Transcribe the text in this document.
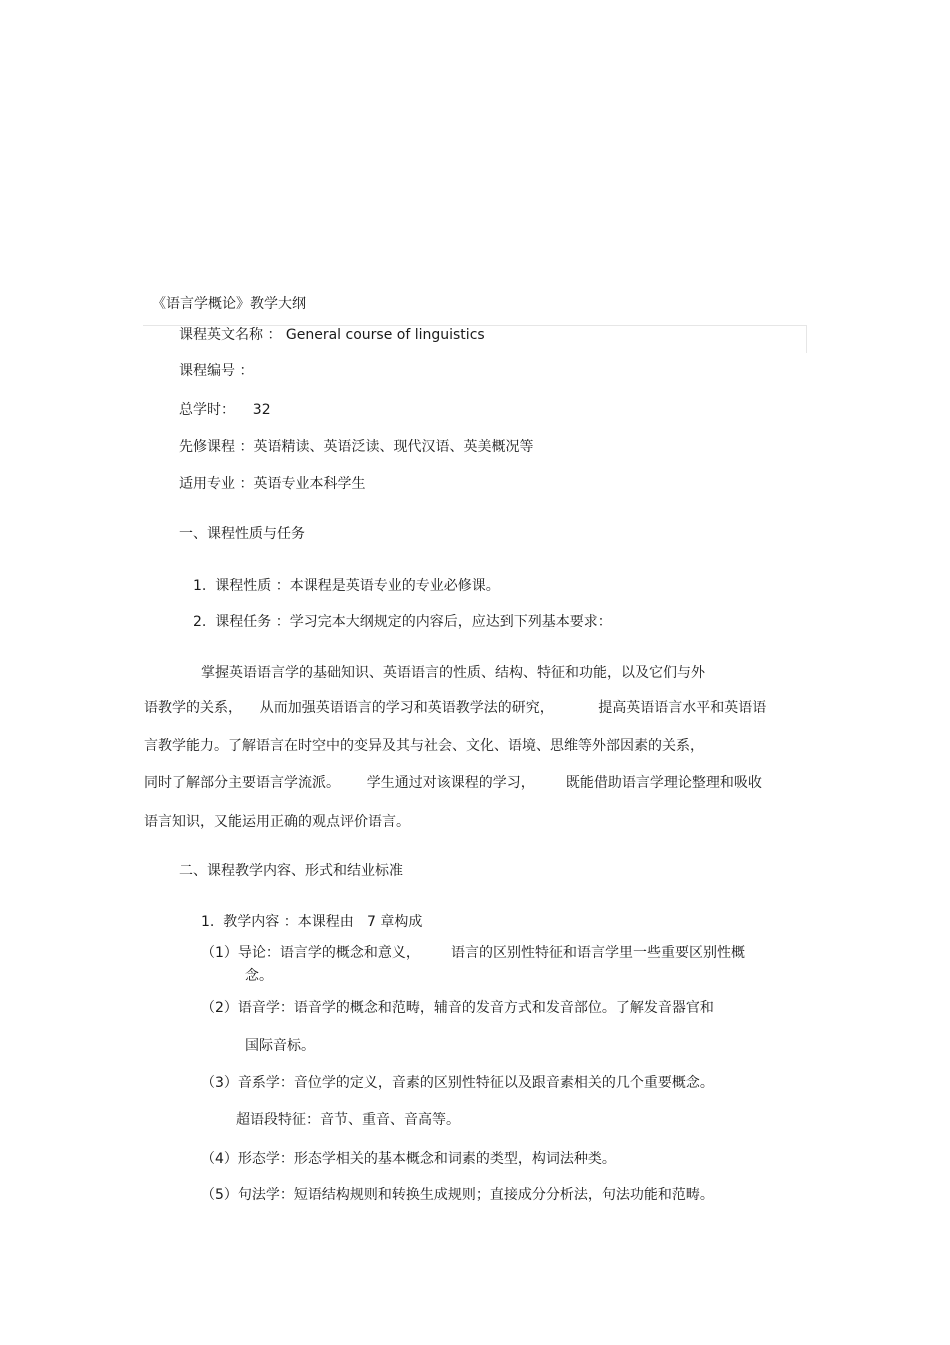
《语言学概论》教学大纲
课程英文名称 ： General course of linguistics
课程编号 ：
总学时：    32
先修课程 ：英语精读、英语泛读、现代汉语、英美概况等
适用专业 ：英语专业本科学生
一、课程性质与任务
1.  课程性质 ：本课程是英语专业的专业必修课。
2.  课程任务 ：学习完本大纲规定的内容后，应达到下列基本要求：
掌握英语语言学的基础知识、英语语言的性质、结构、特征和功能，以及它们与外
语教学的关系，    从而加强英语语言的学习和英语教学法的研究，          提高英语语言水平和英语语
言教学能力。了解语言在时空中的变异及其与社会、文化、语境、思维等外部因素的关系，
同时了解部分主要语言学流派。      学生通过对该课程的学习，       既能借助语言学理论整理和吸收
语言知识，又能运用正确的观点评价语言。
二、课程教学内容、形式和结业标准
1.  教学内容 ：本课程由   7 章构成
（1）导论：语言学的概念和意义，       语言的区别性特征和语言学里一些重要区别性概
念。
（2）语音学：语音学的概念和范畴，辅音的发音方式和发音部位。了解发音器官和
国际音标。
（3）音系学：音位学的定义，音素的区别性特征以及跟音素相关的几个重要概念。
超语段特征：音节、重音、音高等。
（4）形态学：形态学相关的基本概念和词素的类型，构词法种类。
（5）句法学：短语结构规则和转换生成规则；直接成分分析法，句法功能和范畴。
